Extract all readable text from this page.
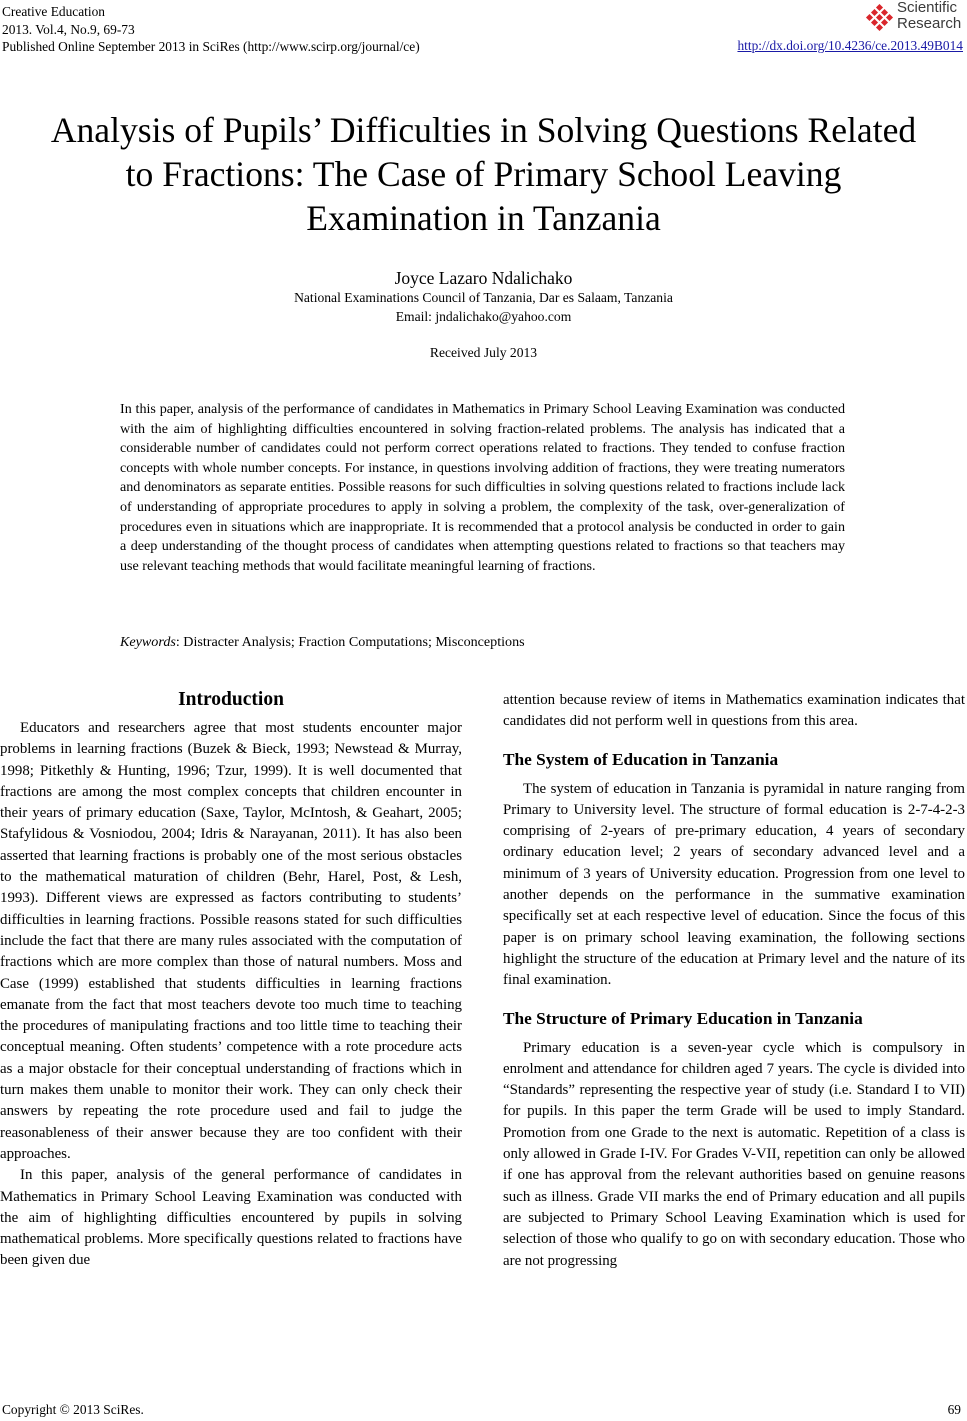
Creative Education
2013. Vol.4, No.9, 69-73
Published Online September 2013 in SciRes (http://www.scirp.org/journal/ce)
Scientific
Research
http://dx.doi.org/10.4236/ce.2013.49B014
Analysis of Pupils’ Difficulties in Solving Questions Related to Fractions: The Case of Primary School Leaving Examination in Tanzania
Joyce Lazaro Ndalichako
National Examinations Council of Tanzania, Dar es Salaam, Tanzania
Email: jndalichako@yahoo.com
Received July 2013
In this paper, analysis of the performance of candidates in Mathematics in Primary School Leaving Examination was conducted with the aim of highlighting difficulties encountered in solving fraction-related problems. The analysis has indicated that a considerable number of candidates could not perform correct operations related to fractions. They tended to confuse fraction concepts with whole number concepts. For instance, in questions involving addition of fractions, they were treating numerators and denominators as separate entities. Possible reasons for such difficulties in solving questions related to fractions include lack of understanding of appropriate procedures to apply in solving a problem, the complexity of the task, over-generalization of procedures even in situations which are inappropriate. It is recommended that a protocol analysis be conducted in order to gain a deep understanding of the thought process of candidates when attempting questions related to fractions so that teachers may use relevant teaching methods that would facilitate meaningful learning of fractions.
Keywords: Distracter Analysis; Fraction Computations; Misconceptions
Introduction

Educators and researchers agree that most students encounter major problems in learning fractions (Buzek & Bieck, 1993; Newstead & Murray, 1998; Pitkethly & Hunting, 1996; Tzur, 1999). It is well documented that fractions are among the most complex concepts that children encounter in their years of primary education (Saxe, Taylor, McIntosh, & Geahart, 2005; Stafylidous & Vosniodou, 2004; Idris & Narayanan, 2011). It has also been asserted that learning fractions is probably one of the most serious obstacles to the mathematical maturation of children (Behr, Harel, Post, & Lesh, 1993). Different views are expressed as factors contributing to students’ difficulties in learning fractions. Possible reasons stated for such difficulties include the fact that there are many rules associated with the computation of fractions which are more complex than those of natural numbers. Moss and Case (1999) established that students difficulties in learning fractions emanate from the fact that most teachers devote too much time to teaching the procedures of manipulating fractions and too little time to teaching their conceptual meaning. Often students’ competence with a rote procedure acts as a major obstacle for their conceptual understanding of fractions which in turn makes them unable to monitor their work. They can only check their answers by repeating the rote procedure used and fail to judge the reasonableness of their answer because they are too confident with their approaches.

In this paper, analysis of the general performance of candidates in Mathematics in Primary School Leaving Examination was conducted with the aim of highlighting difficulties encountered by pupils in solving mathematical problems. More specifically questions related to fractions have been given due

attention because review of items in Mathematics examination indicates that candidates did not perform well in questions from this area.

The System of Education in Tanzania

The system of education in Tanzania is pyramidal in nature ranging from Primary to University level. The structure of formal education is 2-7-4-2-3 comprising of 2-years of pre-primary education, 4 years of secondary ordinary education level; 2 years of secondary advanced level and a minimum of 3 years of University education. Progression from one level to another depends on the performance in the summative examination specifically set at each respective level of education. Since the focus of this paper is on primary school leaving examination, the following sections highlight the structure of the education at Primary level and the nature of its final examination.

The Structure of Primary Education in Tanzania

Primary education is a seven-year cycle which is compulsory in enrolment and attendance for children aged 7 years. The cycle is divided into “Standards” representing the respective year of study (i.e. Standard I to VII) for pupils. In this paper the term Grade will be used to imply Standard. Promotion from one Grade to the next is automatic. Repetition of a class is only allowed in Grade I-IV. For Grades V-VII, repetition can only be allowed if one has approval from the relevant authorities based on genuine reasons such as illness. Grade VII marks the end of Primary education and all pupils are subjected to Primary School Leaving Examination which is used for selection of those who qualify to go on with secondary education. Those who are not progressing

Copyright © 2013 SciRes.	69
